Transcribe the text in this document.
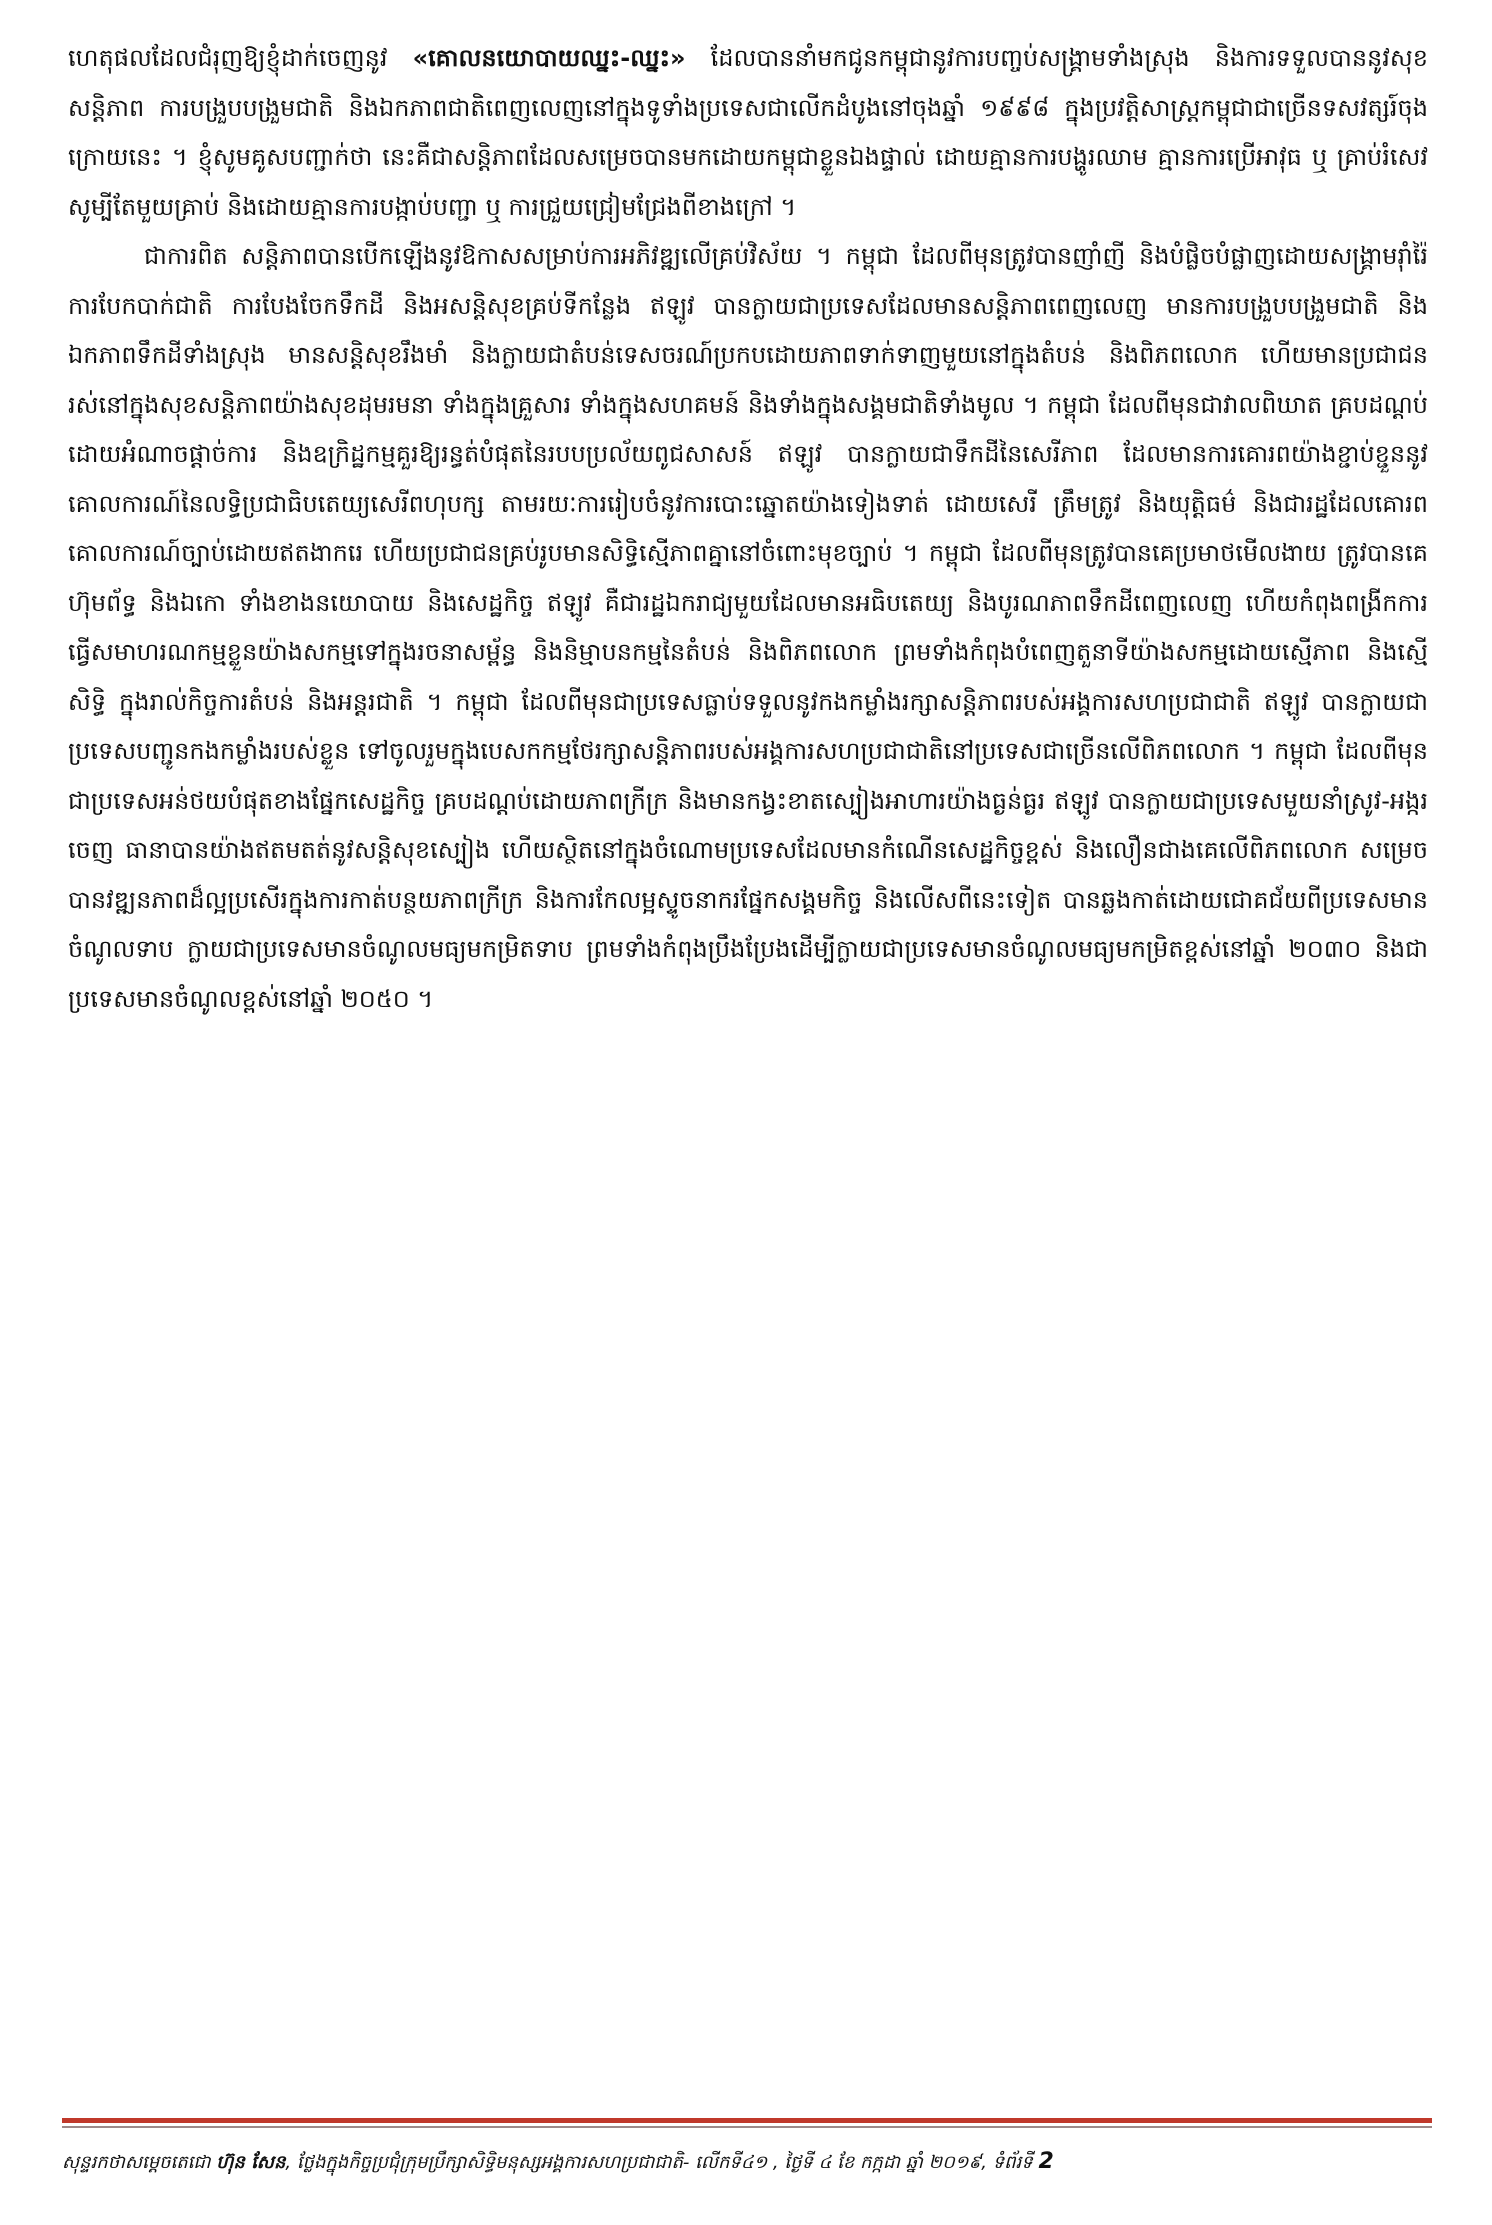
ហេតុផលដែលជំរុញឱ្យខ្ញុំដាក់ចេញនូវ «គោលនយោបាយឈ្នះ-ឈ្នះ» ដែលបាននាំមកជូនកម្ពុជានូវការបញ្ចប់សង្គ្រាមទាំងស្រុង និងការទទួលបាននូវសុខសន្តិភាព ការបង្រួបបង្រួមជាតិ និងឯកភាពជាតិពេញលេញនៅក្នុងទូទាំងប្រទេសជាលើកដំបូងនៅចុងឆ្នាំ ១៩៩៨ ក្នុងប្រវត្តិសាស្ត្រកម្ពុជាជាច្រើនទសវត្សរ៍ចុងក្រោយនេះ ។ ខ្ញុំសូមគូសបញ្ជាក់ថា នេះគឺជាសន្តិភាពដែលសម្រេចបានមកដោយកម្ពុជាខ្លួនឯងផ្ទាល់ ដោយគ្មានការបង្ហូរឈាម គ្មានការប្រើអាវុធ ឬ គ្រាប់រំសេវ សូម្បីតែមួយគ្រាប់ និងដោយគ្មានការបង្កាប់បញ្ជា ឬ ការជ្រួយជ្រៀមជ្រែងពីខាងក្រៅ ។

ជាការពិត សន្តិភាពបានបើកឡើងនូវឱកាសសម្រាប់ការអភិវឌ្ឍលើគ្រប់វិស័យ ។ កម្ពុជា ដែលពីមុនត្រូវបានញាំញី និងបំផ្លិចបំផ្លាញដោយសង្គ្រាមរ៉ាំរ៉ៃ ការបែកបាក់ជាតិ ការបែងចែកទឹកដី និងអសន្តិសុខគ្រប់ទីកន្លែង ឥឡូវ បានក្លាយជាប្រទេសដែលមានសន្តិភាពពេញលេញ មានការបង្រួបបង្រួមជាតិ និងឯកភាពទឹកដីទាំងស្រុង មានសន្តិសុខរឹងមាំ និងក្លាយជាតំបន់ទេសចរណ៍ប្រកបដោយភាពទាក់ទាញមួយនៅក្នុងតំបន់ និងពិភពលោក ហើយមានប្រជាជនរស់នៅក្នុងសុខសន្តិភាពយ៉ាងសុខដុមរមនា ទាំងក្នុងគ្រួសារ ទាំងក្នុងសហគមន៍ និងទាំងក្នុងសង្គមជាតិទាំងមូល ។ កម្ពុជា ដែលពីមុនជាវាលពិឃាត គ្របដណ្ដប់ដោយអំណាចផ្ដាច់ការ និងឧក្រិដ្ឋកម្មគួរឱ្យរន្ធត់បំផុតនៃរបបប្រល័យពូជសាសន៍ ឥឡូវ បានក្លាយជាទឹកដីនៃសេរីភាព ដែលមានការគោរពយ៉ាងខ្ជាប់ខ្ជួននូវគោលការណ៍នៃលទ្ធិប្រជាធិបតេយ្យសេរីពហុបក្ស តាមរយៈការរៀបចំនូវការបោះឆ្នោតយ៉ាងទៀងទាត់ ដោយសេរី ត្រឹមត្រូវ និងយុត្តិធម៌ និងជារដ្ឋដែលគោរពគោលការណ៍ច្បាប់ដោយឥតងាករេ ហើយប្រជាជនគ្រប់រូបមានសិទ្ធិស្មើភាពគ្នានៅចំពោះមុខច្បាប់ ។ កម្ពុជា ដែលពីមុនត្រូវបានគេប្រមាថមើលងាយ ត្រូវបានគេហ៊ុមព័ទ្ធ និងឯកោ ទាំងខាងនយោបាយ និងសេដ្ឋកិច្ច ឥឡូវ គឺជារដ្ឋឯករាជ្យមួយដែលមានអធិបតេយ្យ និងបូរណភាពទឹកដីពេញលេញ ហើយកំពុងពង្រីកការធ្វើសមាហរណកម្មខ្លួនយ៉ាងសកម្មទៅក្នុងរចនាសម្ព័ន្ធ និងនិម្មាបនកម្មនៃតំបន់ និងពិភពលោក ព្រមទាំងកំពុងបំពេញតួនាទីយ៉ាងសកម្មដោយស្មើភាព និងស្មើសិទ្ធិ ក្នុងរាល់កិច្ចការតំបន់ និងអន្តរជាតិ ។ កម្ពុជា ដែលពីមុនជាប្រទេសធ្លាប់ទទួលនូវកងកម្លាំងរក្សាសន្តិភាពរបស់អង្គការសហប្រជាជាតិ ឥឡូវ បានក្លាយជាប្រទេសបញ្ជូនកងកម្លាំងរបស់ខ្លួន ទៅចូលរួមក្នុងបេសកកម្មថែរក្សាសន្តិភាពរបស់អង្គការសហប្រជាជាតិនៅប្រទេសជាច្រើនលើពិភពលោក ។ កម្ពុជា ដែលពីមុនជាប្រទេសអន់ថយបំផុតខាងផ្នែកសេដ្ឋកិច្ច គ្របដណ្ដប់ដោយភាពក្រីក្រ និងមានកង្វះខាតស្បៀងអាហារយ៉ាងធ្ងន់ធ្ងរ ឥឡូវ បានក្លាយជាប្រទេសមួយនាំស្រូវ-អង្ករចេញ ធានាបានយ៉ាងឥតមតត់នូវសន្តិសុខស្បៀង ហើយស្ថិតនៅក្នុងចំណោមប្រទេសដែលមានកំណើនសេដ្ឋកិច្ចខ្ពស់ និងលឿនជាងគេលើពិភពលោក សម្រេចបានវឌ្ឍនភាពដ៏ល្អប្រសើរក្នុងការកាត់បន្ថយភាពក្រីក្រ និងការកែលម្អស្ទូចនាករផ្នែកសង្គមកិច្ច និងលើសពីនេះទៀត បានឆ្លងកាត់ដោយជោគជ័យពីប្រទេសមានចំណូលទាប ក្លាយជាប្រទេសមានចំណូលមធ្យមកម្រិតទាប ព្រមទាំងកំពុងប្រឹងប្រែងដើម្បីក្លាយជាប្រទេសមានចំណូលមធ្យមកម្រិតខ្ពស់នៅឆ្នាំ ២០៣០ និងជាប្រទេសមានចំណូលខ្ពស់នៅឆ្នាំ ២០៥០ ។

សុន្ទរកថាសម្ដេចតេជោ ហ៊ុន សែន, ថ្លែងក្នុងកិច្ចប្រជុំក្រុមប្រឹក្សាសិទ្ធិមនុស្សអង្គការសហប្រជាជាតិ- លើកទី៤១ , ថ្ងៃទី ៤ ខែ កក្កដា ឆ្នាំ ២០១៩, ទំព័រទី 2
